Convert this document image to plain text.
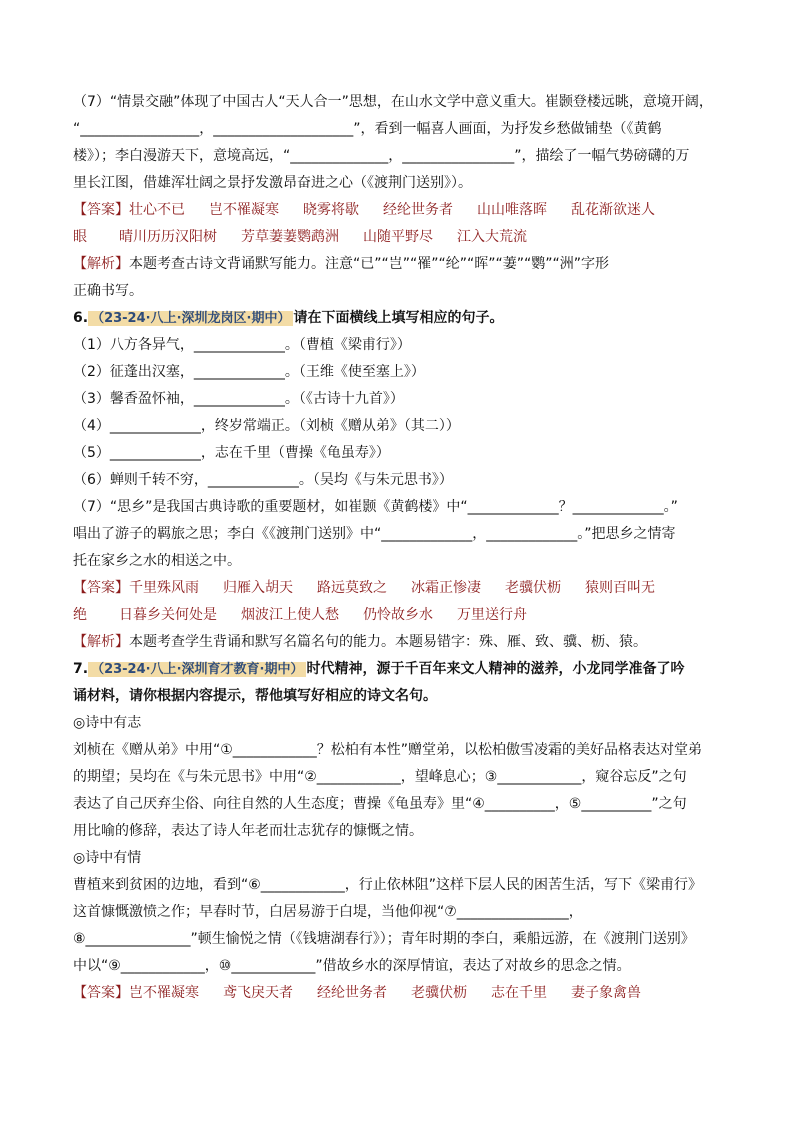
（7）“情景交融”体现了中国古人“天人合一”思想，在山水文学中意义重大。崔颢登楼远眺，意境开阔，
“_________________，____________________”，看到一幅喜人画面，为抒发乡愁做铺垫（《黄鹤
楼》）；李白漫游天下，意境高远，“______________，________________”，描绘了一幅气势磅礴的万
里长江图，借雄浑壮阔之景抒发激昂奋进之心（《渡荆门送别》）。
【答案】壮心不已 岂不罹凝寒 晓雾将歇 经纶世务者 山山唯落晖 乱花渐欲迷人
眼 晴川历历汉阳树 芳草萋萋鹦鹉洲 山随平野尽 江入大荒流
【解析】本题考查古诗文背诵默写能力。注意“已”“岂”“罹”“纶”“晖”“萋”“鹦”“洲”字形
正确书写。
6. （23-24·八上·深圳龙岗区·期中） 请在下面横线上填写相应的句子。
（1）八方各异气，_____________。（曹植《梁甫行》）
（2）征蓬出汉塞，_____________。（王维《使至塞上》）
（3）馨香盈怀袖，_____________。（《古诗十九首》）
（4）_____________，终岁常端正。（刘桢《赠从弟》（其二））
（5）_____________，志在千里（曹操《龟虽寿》）
（6）蝉则千转不穷，_____________。（吴均《与朱元思书》）
（7）“思乡”是我国古典诗歌的重要题材，如崔颢《黄鹤楼》中“_____________？_____________。”
唱出了游子的羁旅之思；李白《《渡荆门送别》中“_____________，_____________。”把思乡之情寄
托在家乡之水的相送之中。
【答案】千里殊风雨 归雁入胡天 路远莫致之 冰霜正惨凄 老骥伏枥 猿则百叫无
绝 日暮乡关何处是 烟波江上使人愁 仍怜故乡水 万里送行舟
【解析】本题考查学生背诵和默写名篇名句的能力。本题易错字：殊、雁、致、骥、枥、猿。
7. （23-24·八上·深圳育才教育·期中） 时代精神，源于千百年来文人精神的滋养，小龙同学准备了吟
诵材料，请你根据内容提示，帮他填写好相应的诗文名句。
◎诗中有志
刘桢在《赠从弟》中用“①____________？松柏有本性”赠堂弟，以松柏傲雪凌霜的美好品格表达对堂弟
的期望；吴均在《与朱元思书》中用“②____________，望峰息心；③____________，窥谷忘反”之句
表达了自己厌弃尘俗、向往自然的人生态度；曹操《龟虽寿》里“④__________，⑤__________”之句
用比喻的修辞，表达了诗人年老而壮志犹存的慷慨之情。
◎诗中有情
曹植来到贫困的边地，看到“⑥____________，行止依林阻”这样下层人民的困苦生活，写下《梁甫行》
这首慷慨激愤之作；早春时节，白居易游于白堤，当他仰视“⑦________________，
⑧_______________”顿生愉悦之情（《钱塘湖春行》）；青年时期的李白，乘船远游，在《渡荆门送别》
中以“⑨____________，⑩____________”借故乡水的深厚情谊，表达了对故乡的思念之情。
【答案】岂不罹凝寒 鸢飞戾天者 经纶世务者 老骥伏枥 志在千里 妻子象禽兽
